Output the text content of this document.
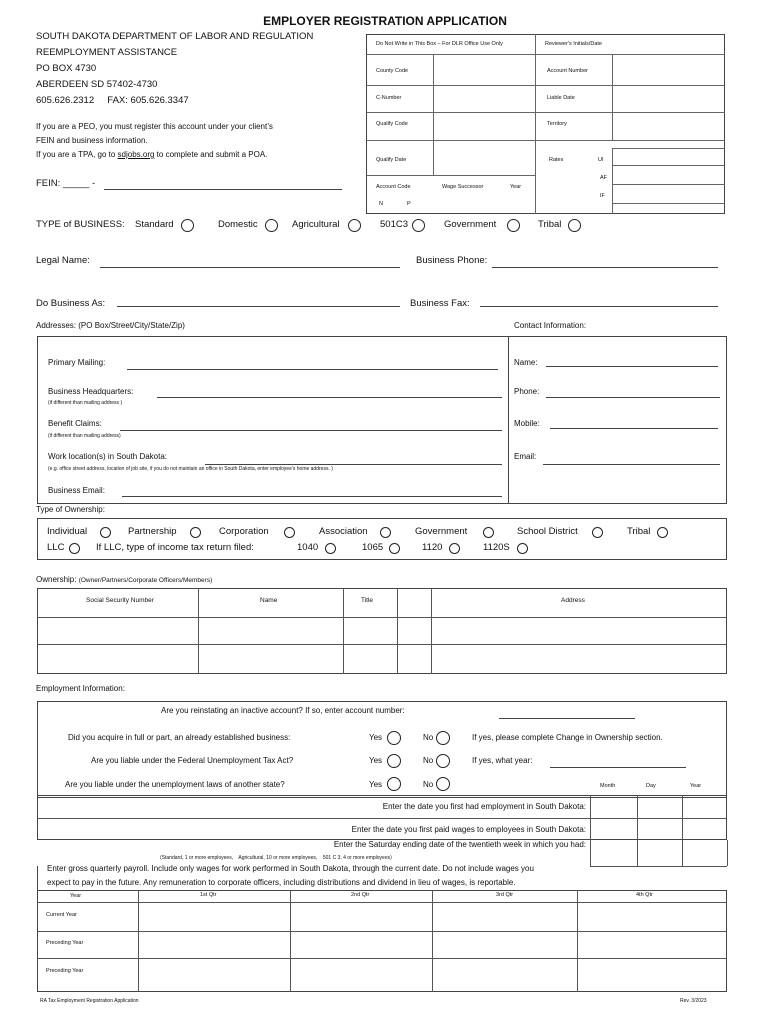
EMPLOYER REGISTRATION APPLICATION
SOUTH DAKOTA DEPARTMENT OF LABOR AND REGULATION
REEMPLOYMENT ASSISTANCE
PO BOX 4730
ABERDEEN SD 57402-4730
605.626.2312     FAX: 605.626.3347
If you are a PEO, you must register this account under your client’s
FEIN and business information.
If you are a TPA, go to sdjobs.org to complete and submit a POA.
FEIN: _____ -
Do Not Write in This Box – For DLR Office Use Only	Reviewer's Initials/Date
County Code	Account Number
C-Number	Liable Date
Qualify Code	Territory
Qualify Date	Rates	UI
AF
IF
Account Code	Wage Successor	Year
N	P
TYPE of BUSINESS: Standard	Domestic	Agricultural	501C3	Government	Tribal
Legal Name:	Business Phone:
Do Business As:	Business Fax:
Addresses: (PO Box/Street/City/State/Zip)	Contact Information:
Primary Mailing:
Business Headquarters:
(if different than mailing address )
Benefit Claims:
(if different than mailing address)
Work location(s) in South Dakota:
(e.g. office street address, location of job site, if you do not maintain an office in South Dakota, enter employee’s home address. )
Business Email:
Name:
Phone:
Mobile:
Email:
Type of Ownership:
Individual	Partnership	Corporation	Association	Government	School District	Tribal
LLC	If LLC, type of income tax return filed:	1040	1065	1120	1120S
Ownership: (Owner/Partners/Corporate Officers/Members)
Social Security Number	Name	Title	Address
Employment Information:
Are you reinstating an inactive account? If so, enter account number:
Did you acquire in full or part, an already established business:	Yes	No	If yes, please complete Change in Ownership section.
Are you liable under the Federal Unemployment Tax Act?	Yes	No	If yes, what year:
Are you liable under the unemployment laws of another state?	Yes	No	Month	Day	Year
Enter the date you first had employment in South Dakota:
Enter the date you first paid wages to employees in South Dakota:
Enter the Saturday ending date of the twentieth week in which you had:
(Standard, 1 or more employees,    Agricultural, 10 or more employees,    501 C 3, 4 or more employees)
Enter gross quarterly payroll. Include only wages for work performed in South Dakota, through the current date. Do not include wages you
expect to pay in the future. Any remuneration to corporate officers, including distributions and dividend in lieu of wages, is reportable.
Year	1st Qtr	2nd Qtr	3rd Qtr	4th Qtr
Current Year
Preceding Year
Preceding Year
RA Tax Employment Registration Application	Rev. 3/2023
